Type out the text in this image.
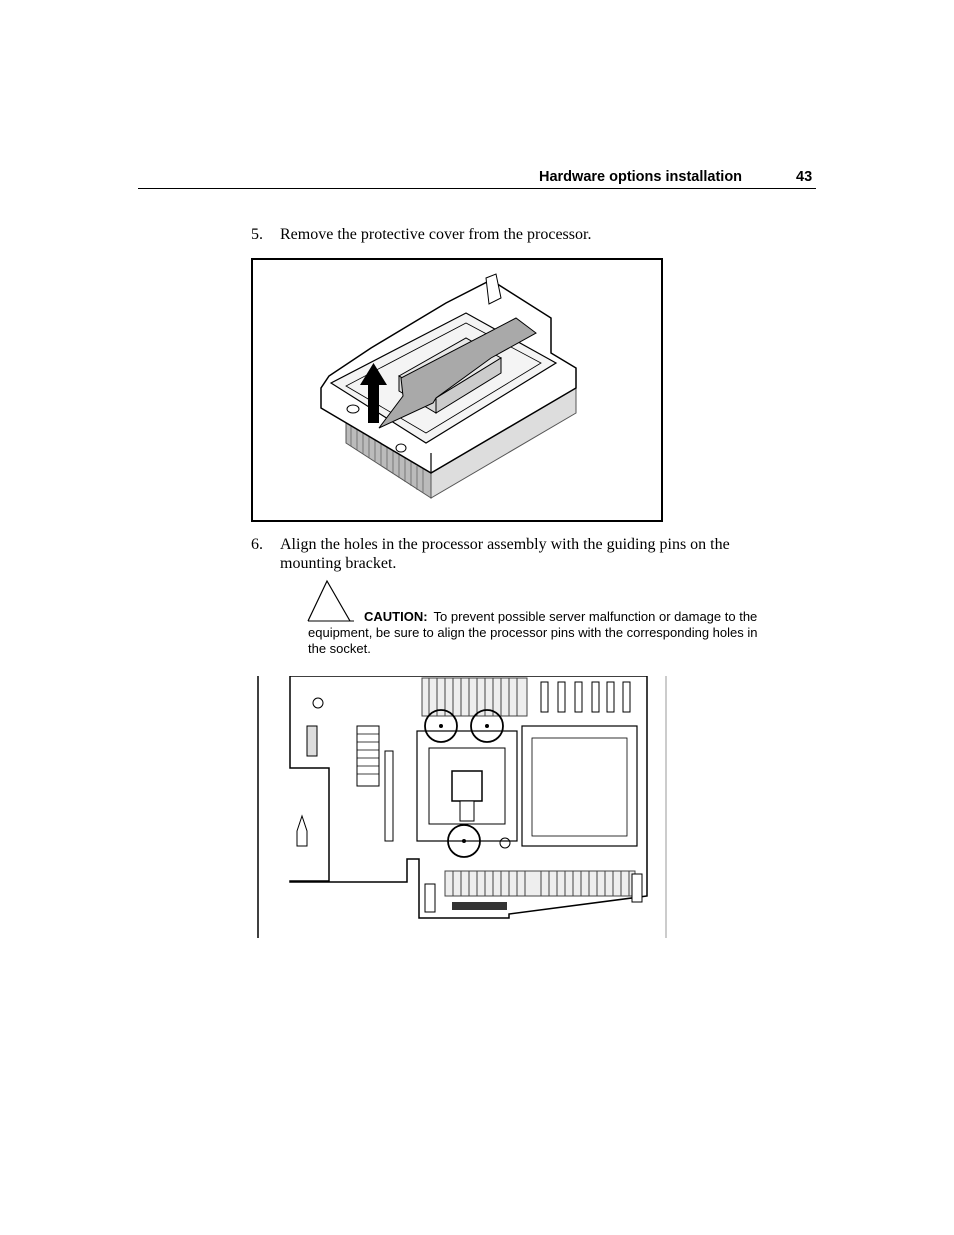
Hardware options installation	43
5. Remove the protective cover from the processor.
6. Align the holes in the processor assembly with the guiding pins on the mounting bracket.
CAUTION: To prevent possible server malfunction or damage to the equipment, be sure to align the processor pins with the corresponding holes in the socket.
